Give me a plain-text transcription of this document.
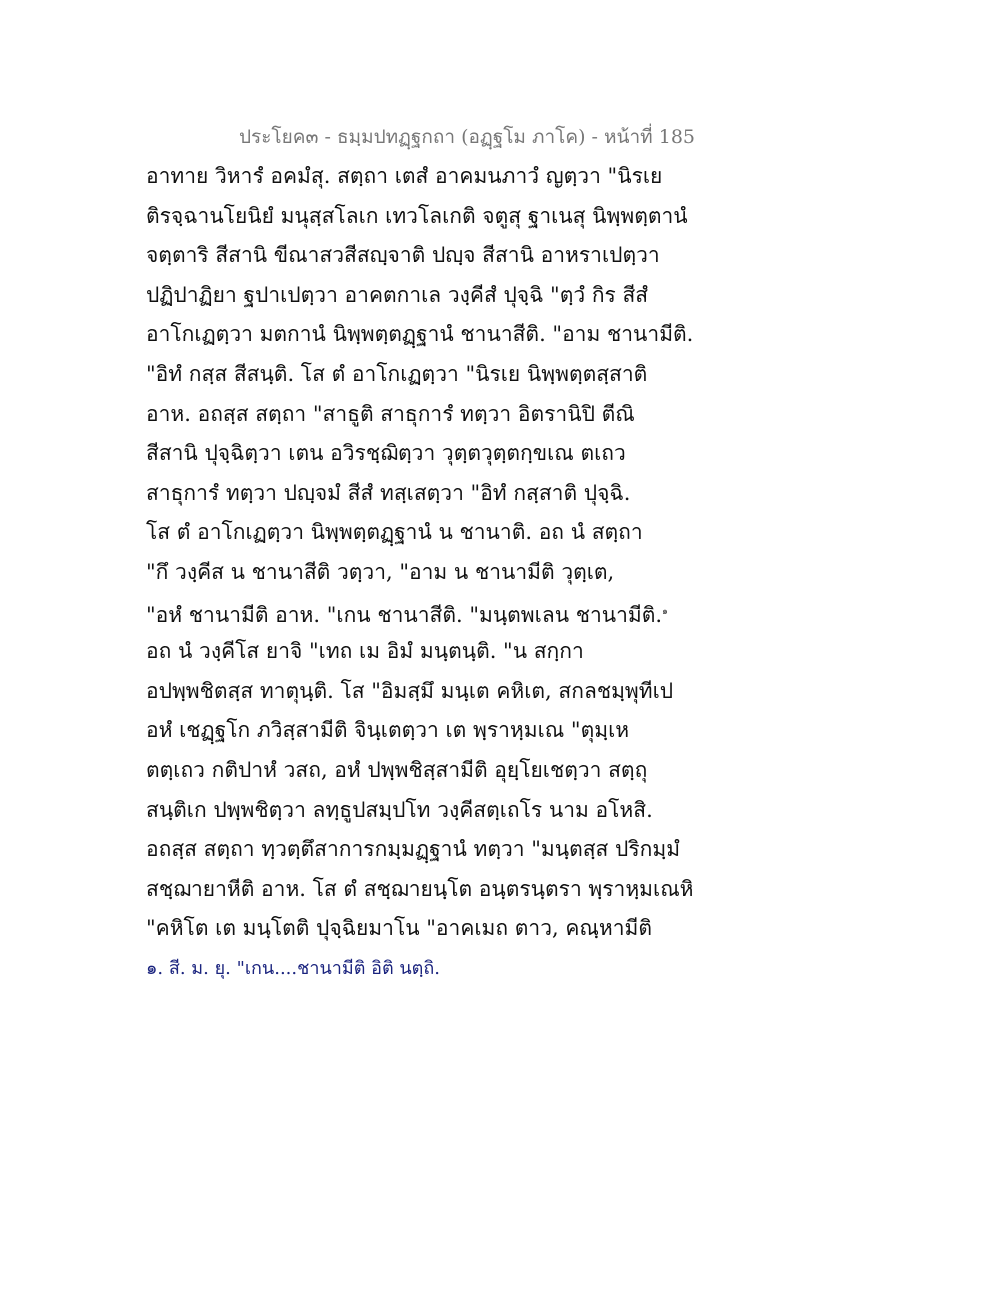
ประโยค๓ - ธมฺมปทฏฺฐกถา (อฏฺฐโม ภาโค) - หน้าที่ 185
อาทาย วิหารํ อคมํสุ. สตฺถา เตสํ อาคมนภาวํ ญตฺวา "นิรเย
ติรจฺฉานโยนิยํ มนุสฺสโลเก เทวโลเกติ จตูสุ ฐาเนสุ นิพฺพตฺตานํ
จตฺตาริ สีสานิ ขีณาสวสีสญฺจาติ ปญฺจ สีสานิ อาหราเปตฺวา
ปฏิปาฏิยา ฐปาเปตฺวา อาคตกาเล วงฺคีสํ ปุจฺฉิ "ตฺวํ กิร สีสํ
อาโกเฏตฺวา มตกานํ นิพฺพตฺตฏฺฐานํ ชานาสีติ. "อาม ชานามีติ.
"อิทํ กสฺส สีสนฺติ. โส ตํ อาโกเฏตฺวา "นิรเย นิพฺพตฺตสฺสาติ
อาห. อถสฺส สตฺถา "สาธูติ สาธุการํ ทตฺวา อิตรานิปิ ตีณิ
สีสานิ ปุจฺฉิตฺวา เตน อวิรชฺฌิตฺวา วุตฺตวุตฺตกฺขเณ ตเถว
สาธุการํ ทตฺวา ปญฺจมํ สีสํ ทสฺเสตฺวา "อิทํ กสฺสาติ ปุจฺฉิ.
โส ตํ อาโกเฏตฺวา นิพฺพตฺตฏฺฐานํ น ชานาติ. อถ นํ สตฺถา
"กึ วงฺคีส น ชานาสีติ วตฺวา, "อาม น ชานามีติ วุตฺเต,
"อหํ ชานามีติ อาห. "เกน ชานาสีติ. "มนฺตพเลน ชานามีติ.$^๑$
อถ นํ วงฺคีโส ยาจิ "เทถ เม อิมํ มนฺตนฺติ. "น สกฺกา
อปพฺพชิตสฺส ทาตุนฺติ. โส "อิมสฺมึ มนฺเต คหิเต, สกลชมฺพุทีเป
อหํ เชฏฺฐโก ภวิสฺสามีติ จินฺเตตฺวา เต พฺราหฺมเณ "ตุมฺเห
ตตฺเถว กติปาหํ วสถ, อหํ ปพฺพชิสฺสามีติ อุยฺโยเชตฺวา สตฺถุ
สนฺติเก ปพฺพชิตฺวา ลทฺธูปสมฺปโท วงฺคีสตฺเถโร นาม อโหสิ.
อถสฺส สตฺถา ทฺวตฺตึสาการกมฺมฏฺฐานํ ทตฺวา "มนฺตสฺส ปริกมฺมํ
สชฺฌายาหีติ อาห. โส ตํ สชฺฌายนฺโต อนฺตรนฺตรา พฺราหฺมเณหิ
"คหิโต เต มนฺโตติ ปุจฺฉิยมาโน "อาคเมถ ตาว, คณฺหามีติ
๑. สี. ม. ยุ. "เกน....ชานามีติ อิติ นตฺถิ.
